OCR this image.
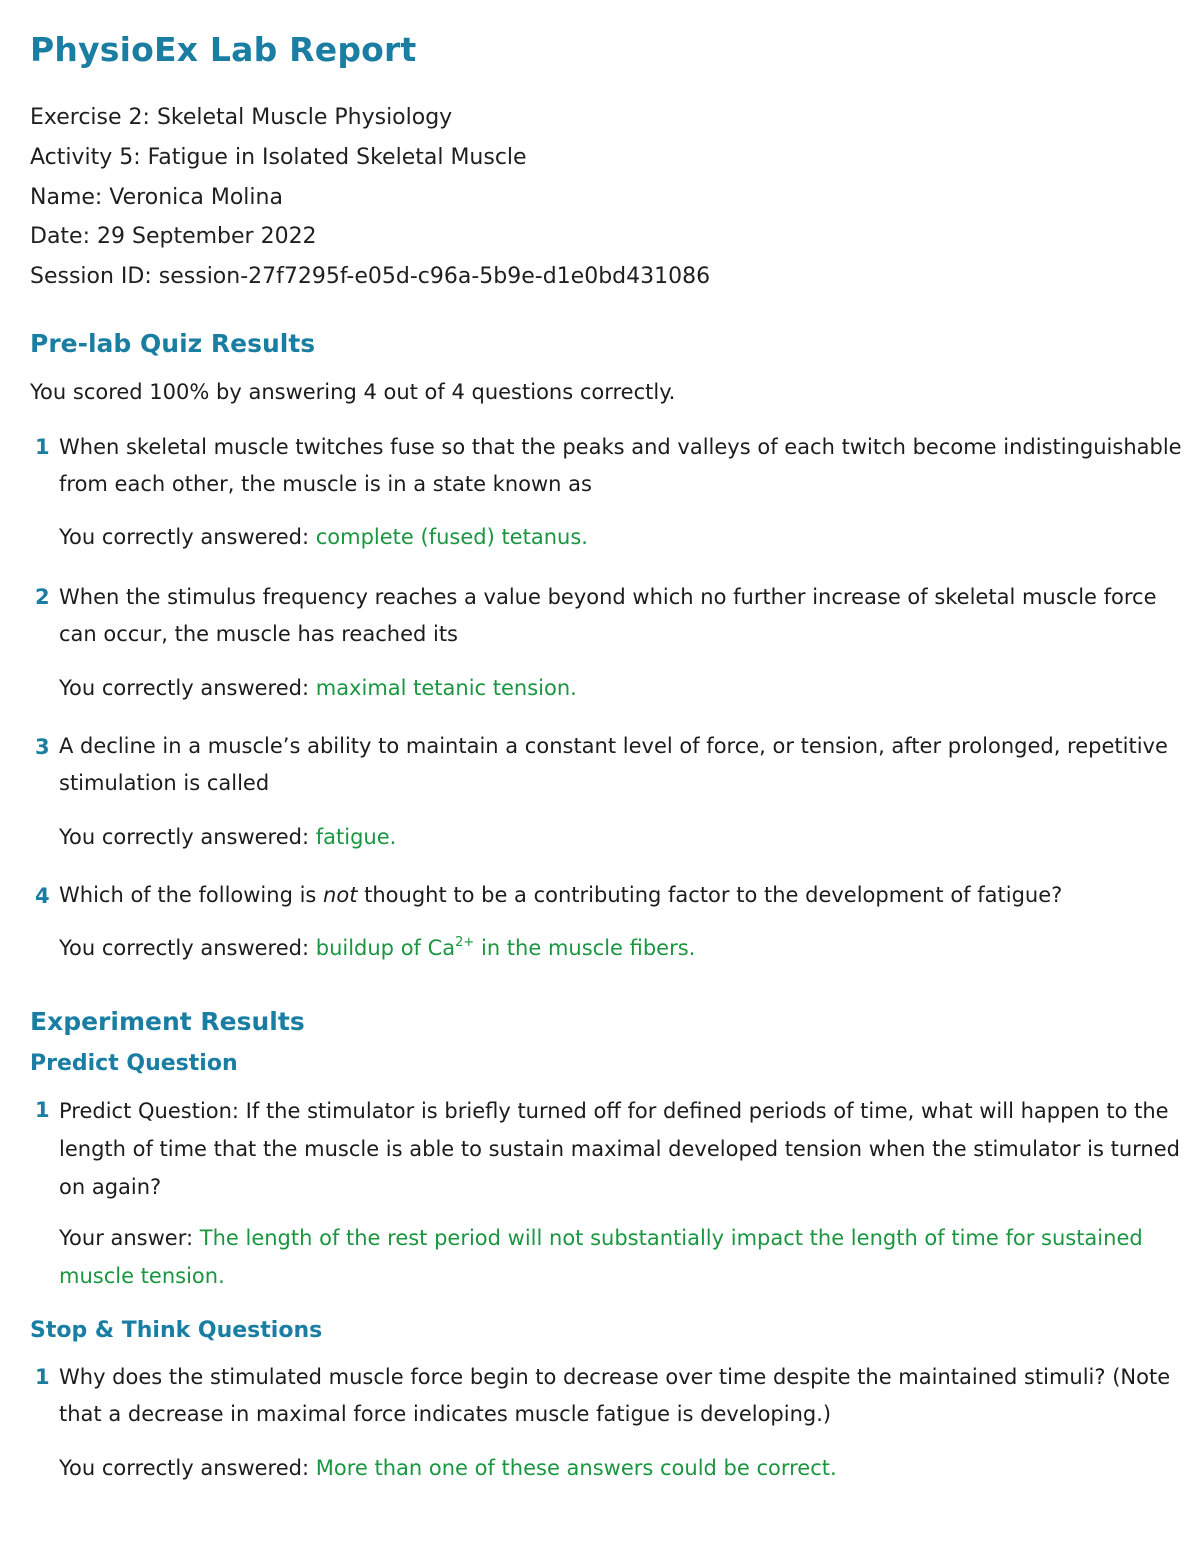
PhysioEx Lab Report
Exercise 2: Skeletal Muscle Physiology
Activity 5: Fatigue in Isolated Skeletal Muscle
Name: Veronica Molina
Date: 29 September 2022
Session ID: session-27f7295f-e05d-c96a-5b9e-d1e0bd431086
Pre-lab Quiz Results
You scored 100% by answering 4 out of 4 questions correctly.
1 When skeletal muscle twitches fuse so that the peaks and valleys of each twitch become indistinguishable from each other, the muscle is in a state known as
You correctly answered: complete (fused) tetanus.
2 When the stimulus frequency reaches a value beyond which no further increase of skeletal muscle force can occur, the muscle has reached its
You correctly answered: maximal tetanic tension.
3 A decline in a muscle’s ability to maintain a constant level of force, or tension, after prolonged, repetitive stimulation is called
You correctly answered: fatigue.
4 Which of the following is not thought to be a contributing factor to the development of fatigue?
You correctly answered: buildup of $Ca^{2+}$ in the muscle fibers.
Experiment Results
Predict Question
1 Predict Question: If the stimulator is briefly turned off for defined periods of time, what will happen to the length of time that the muscle is able to sustain maximal developed tension when the stimulator is turned on again?
Your answer: The length of the rest period will not substantially impact the length of time for sustained muscle tension.
Stop & Think Questions
1 Why does the stimulated muscle force begin to decrease over time despite the maintained stimuli? (Note that a decrease in maximal force indicates muscle fatigue is developing.)
You correctly answered: More than one of these answers could be correct.
